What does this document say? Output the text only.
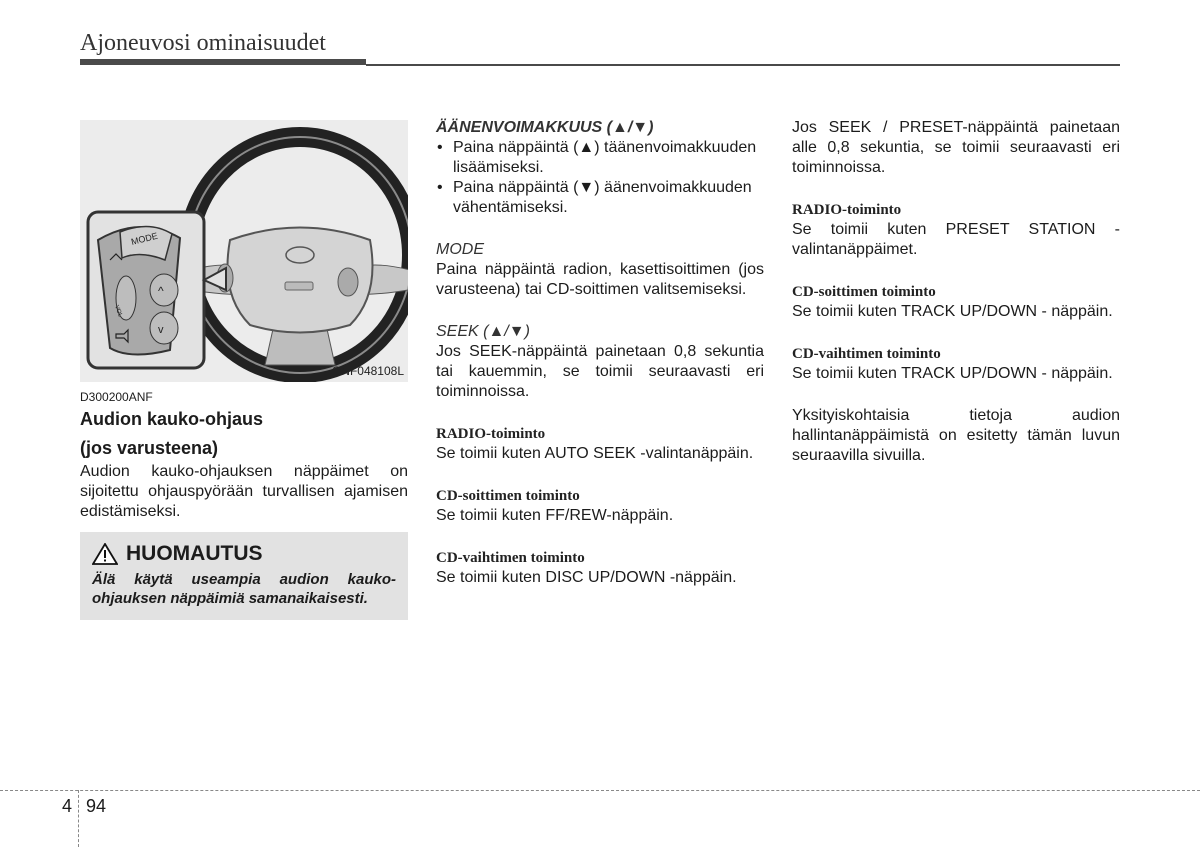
Ajoneuvosi ominaisuudet
MODE
^
v
VOL
ONF048108L
D300200ANF
Audion kauko-ohjaus
(jos varusteena)
Audion kauko-ohjauksen näppäimet on sijoitettu ohjauspyörään turvallisen ajamisen edistämiseksi.
HUOMAUTUS
Älä käytä useampia audion kauko-ohjauksen näppäimiä samanaikaisesti.
ÄÄNENVOIMAKKUUS (▲/▼)
• Paina näppäintä (▲) täänenvoimakkuuden lisäämiseksi.
• Paina näppäintä (▼) äänenvoimakkuuden vähentämiseksi.
MODE
Paina näppäintä radion, kasettisoittimen (jos varusteena) tai CD-soittimen valitsemiseksi.
SEEK (▲/▼)
Jos SEEK-näppäintä painetaan 0,8 sekuntia tai kauemmin, se toimii seuraavasti eri toiminnoissa.
RADIO-toiminto
Se toimii kuten AUTO SEEK -valintanäppäin.
CD-soittimen toiminto
Se toimii kuten FF/REW-näppäin.
CD-vaihtimen toiminto
Se toimii kuten DISC UP/DOWN -näppäin.
Jos SEEK / PRESET-näppäintä painetaan alle 0,8 sekuntia, se toimii seuraavasti eri toiminnoissa.
RADIO-toiminto
Se toimii kuten PRESET STATION -valintanäppäimet.
CD-soittimen toiminto
Se toimii kuten TRACK UP/DOWN - näppäin.
CD-vaihtimen toiminto
Se toimii kuten TRACK UP/DOWN - näppäin.
Yksityiskohtaisia tietoja audion hallintanäppäimistä on esitetty tämän luvun seuraavilla sivuilla.
4 94
